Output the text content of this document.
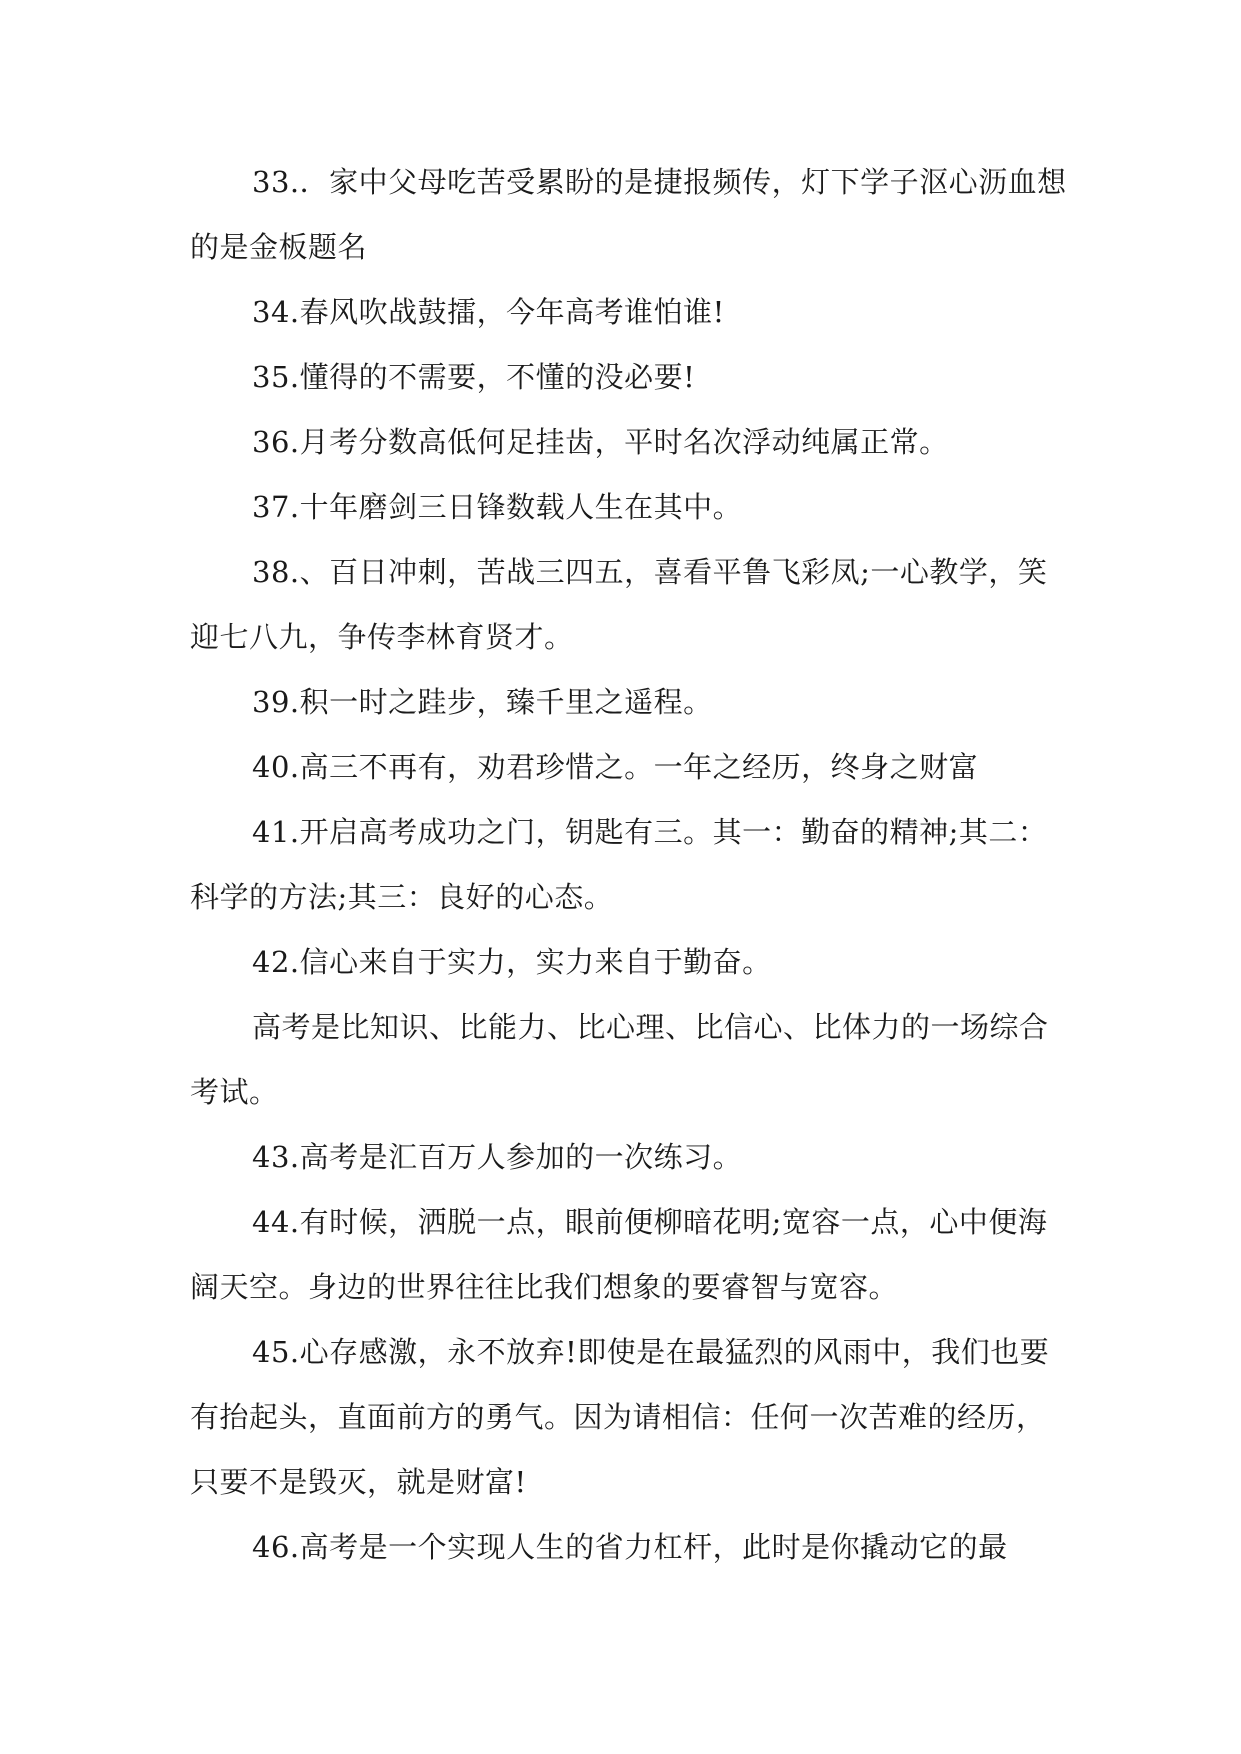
33.．家中父母吃苦受累盼的是捷报频传，灯下学子沤心沥血想的是金板题名

34.春风吹战鼓擂，今年高考谁怕谁!

35.懂得的不需要，不懂的没必要!

36.月考分数高低何足挂齿，平时名次浮动纯属正常。

37.十年磨剑三日锋数载人生在其中。

38.、百日冲刺，苦战三四五，喜看平鲁飞彩凤;一心教学，笑迎七八九，争传李林育贤才。

39.积一时之跬步，臻千里之遥程。

40.高三不再有，劝君珍惜之。一年之经历，终身之财富

41.开启高考成功之门，钥匙有三。其一：勤奋的精神;其二：科学的方法;其三：良好的心态。

42.信心来自于实力，实力来自于勤奋。

高考是比知识、比能力、比心理、比信心、比体力的一场综合考试。

43.高考是汇百万人参加的一次练习。

44.有时候，洒脱一点，眼前便柳暗花明;宽容一点，心中便海阔天空。身边的世界往往比我们想象的要睿智与宽容。

45.心存感激，永不放弃!即使是在最猛烈的风雨中，我们也要有抬起头，直面前方的勇气。因为请相信：任何一次苦难的经历，只要不是毁灭，就是财富!

46.高考是一个实现人生的省力杠杆，此时是你撬动它的最
